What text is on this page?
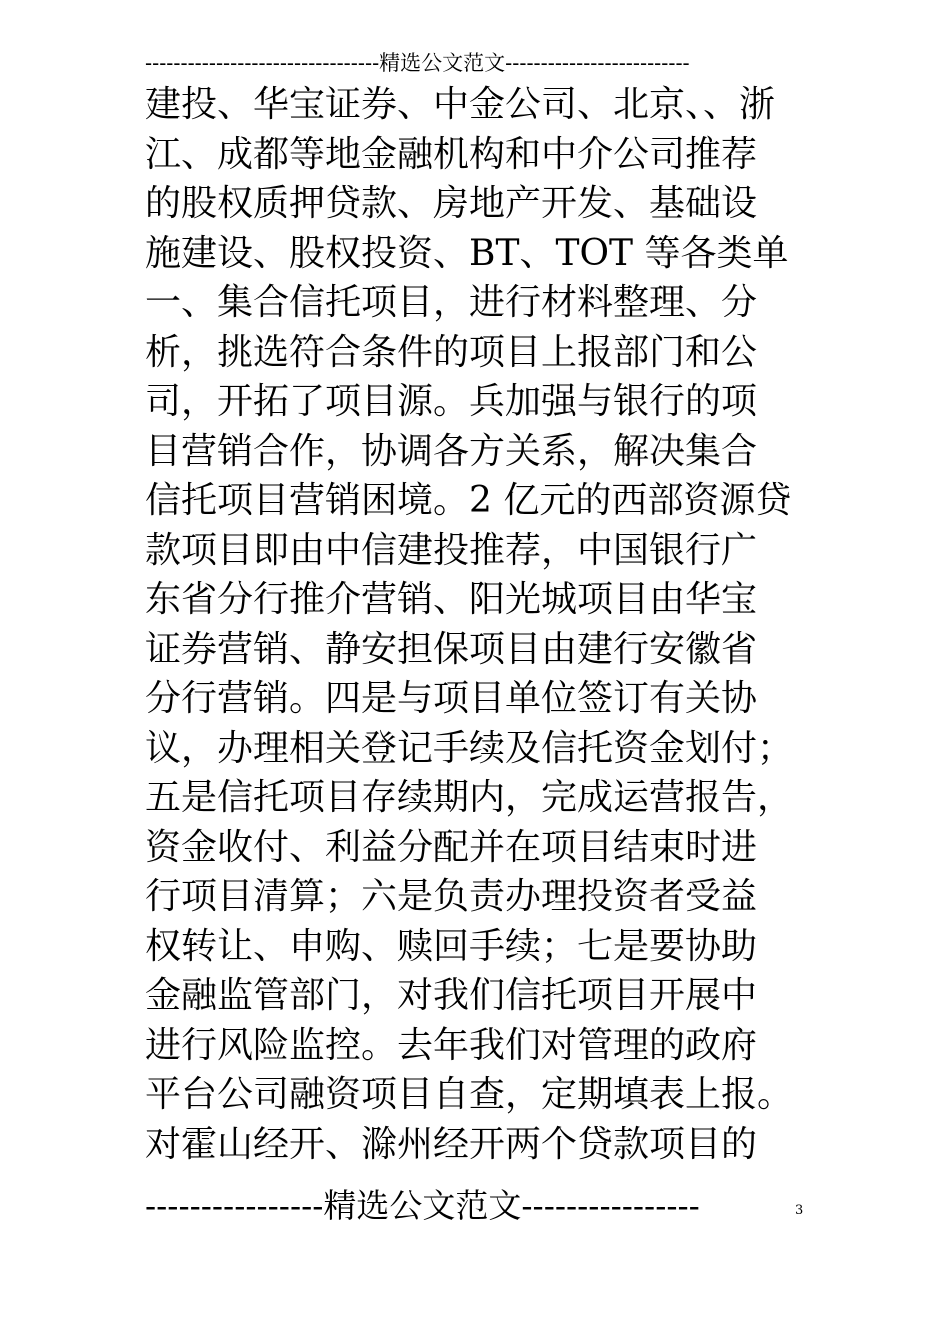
---------------------------------精选公文范文--------------------------
建投、华宝证券、中金公司、北京、、浙
江、成都等地金融机构和中介公司推荐
的股权质押贷款、房地产开发、基础设
施建设、股权投资、BT、TOT 等各类单
一、集合信托项目，进行材料整理、分
析，挑选符合条件的项目上报部门和公
司，开拓了项目源。兵加强与银行的项
目营销合作，协调各方关系，解决集合
信托项目营销困境。2 亿元的西部资源贷
款项目即由中信建投推荐，中国银行广
东省分行推介营销、阳光城项目由华宝
证券营销、静安担保项目由建行安徽省
分行营销。四是与项目单位签订有关协
议，办理相关登记手续及信托资金划付；
五是信托项目存续期内，完成运营报告，
资金收付、利益分配并在项目结束时进
行项目清算；六是负责办理投资者受益
权转让、申购、赎回手续；七是要协助
金融监管部门，对我们信托项目开展中
进行风险监控。去年我们对管理的政府
平台公司融资项目自查，定期填表上报。
对霍山经开、滁州经开两个贷款项目的
----------------精选公文范文----------------	3
